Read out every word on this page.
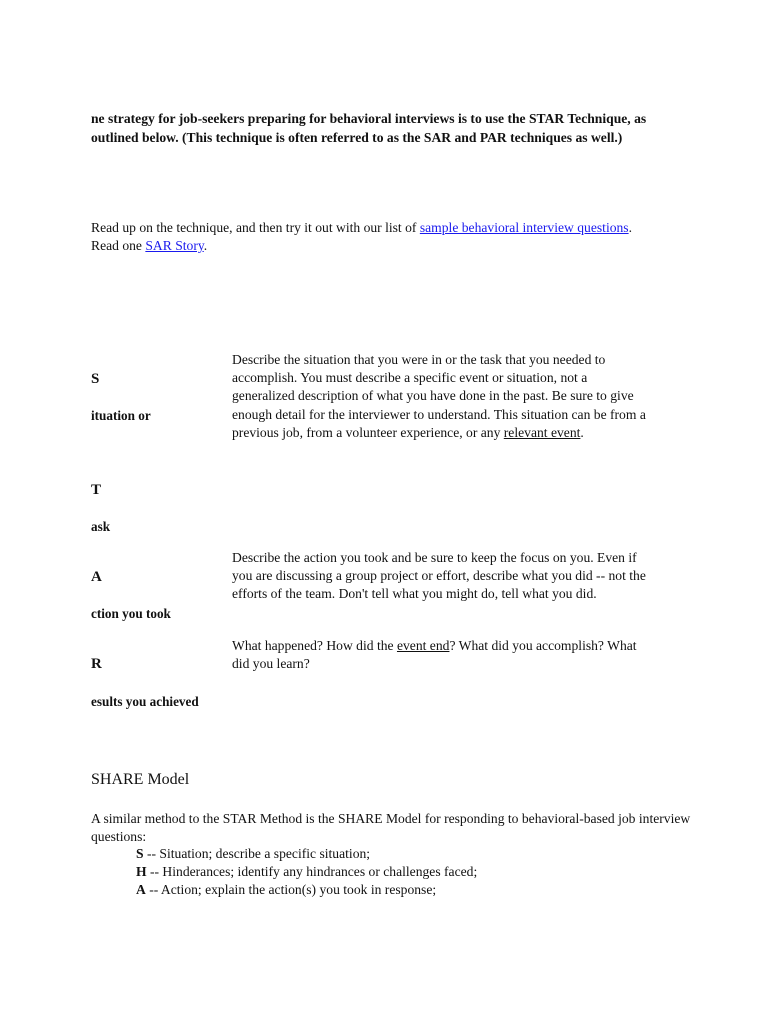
ne strategy for job-seekers preparing for behavioral interviews is to use the STAR Technique, as outlined below. (This technique is often referred to as the SAR and PAR techniques as well.)
Read up on the technique, and then try it out with our list of sample behavioral interview questions. Read one SAR Story.
S
ituation or
Describe the situation that you were in or the task that you needed to accomplish. You must describe a specific event or situation, not a generalized description of what you have done in the past. Be sure to give enough detail for the interviewer to understand. This situation can be from a previous job, from a volunteer experience, or any relevant event.
T
ask
A
ction you took
Describe the action you took and be sure to keep the focus on you. Even if you are discussing a group project or effort, describe what you did -- not the efforts of the team. Don't tell what you might do, tell what you did.
R
esults you achieved
What happened? How did the event end? What did you accomplish? What did you learn?
SHARE Model
A similar method to the STAR Method is the SHARE Model for responding to behavioral-based job interview questions:
S -- Situation; describe a specific situation;
H -- Hinderances; identify any hindrances or challenges faced;
A -- Action; explain the action(s) you took in response;
